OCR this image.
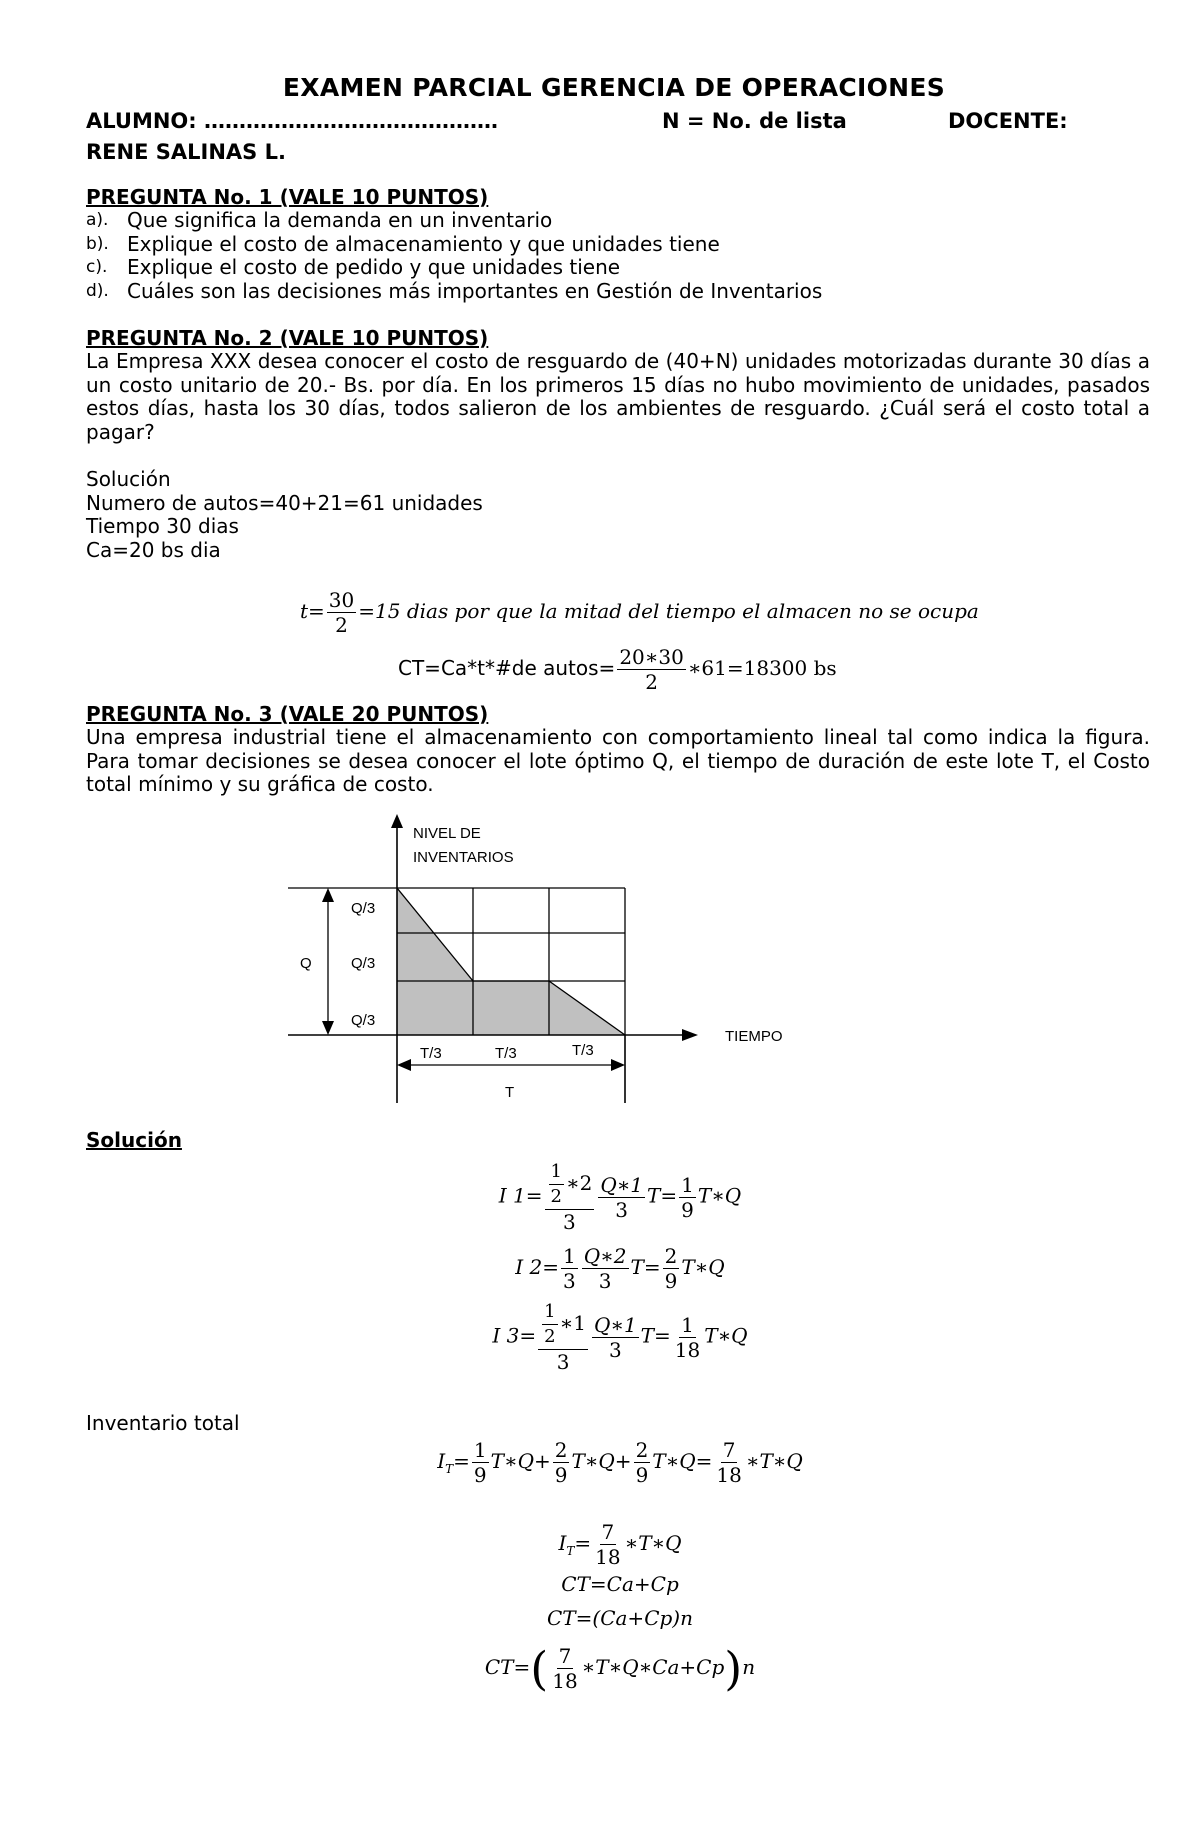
EXAMEN PARCIAL GERENCIA DE OPERACIONES
ALUMNO: ……………………………………	N = No. de lista	DOCENTE:
RENE SALINAS L.
PREGUNTA No. 1 (VALE 10 PUNTOS)
a). Que significa la demanda en un inventario
b). Explique el costo de almacenamiento y que unidades tiene
c). Explique el costo de pedido y que unidades tiene
d). Cuáles son las decisiones más importantes en Gestión de Inventarios
PREGUNTA No. 2 (VALE 10 PUNTOS)
La Empresa XXX desea conocer el costo de resguardo de (40+N) unidades motorizadas durante 30 días a un costo unitario de 20.- Bs. por día. En los primeros 15 días no hubo movimiento de unidades, pasados estos días, hasta los 30 días, todos salieron de los ambientes de resguardo. ¿Cuál será el costo total a pagar?
Solución
Numero de autos=40+21=61 unidades
Tiempo 30 dias
Ca=20 bs dia
$t= \frac{30}{2} =15$ dias por que la mitad del tiempo el almacen no se ocupa
CT=Ca*t*#de autos= $\frac{20∗30}{2}$ ∗61=18300 bs
PREGUNTA No. 3 (VALE 20 PUNTOS)
Una empresa industrial tiene el almacenamiento con comportamiento lineal tal como indica la figura. Para tomar decisiones se desea conocer el lote óptimo Q, el tiempo de duración de este lote T, el Costo total mínimo y su gráfica de costo.
NIVEL DE
INVENTARIOS
TIEMPO
Q
Q/3
Q/3
Q/3
T/3	T/3	T/3
T
Solución
I $1= \frac{\frac{1}{2} ∗2}{3} \frac{Q∗1}{3} T= \frac{1}{9}$ T∗Q
I $2= \frac{1}{3} \frac{Q∗2}{3} T= \frac{2}{9}$ T∗Q
I $3= \frac{\frac{1}{2} ∗1}{3} \frac{Q∗1}{3} T= \frac{1}{18}$ T∗Q
Inventario total
$I_T= \frac{1}{9}$ T∗Q+ $\frac{2}{9}$ T∗Q+ $\frac{2}{9}$ T∗Q= $\frac{7}{18}$ ∗T∗Q
$I_T= \frac{7}{18}$ ∗T∗Q
CT=Ca+Cp
CT=(Ca+Cp)n
$CT=( \frac{7}{18}$ ∗T∗Q∗Ca+Cp)n
